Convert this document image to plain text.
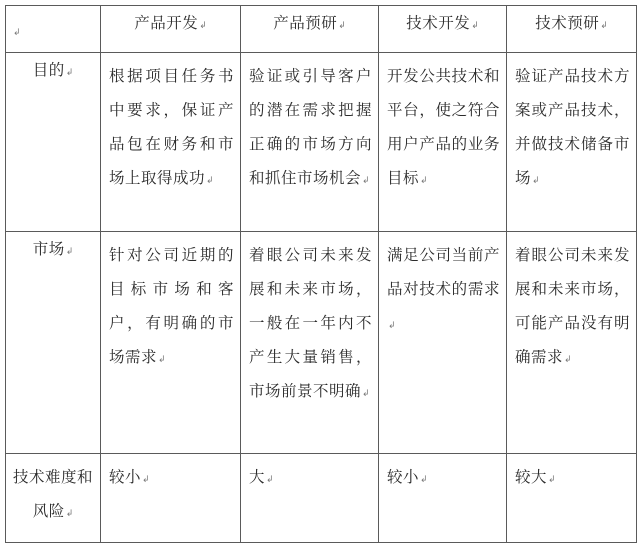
↲	产品开发↲	产品预研↲	技术开发↲	技术预研↲
目的↲	根据项目任务书中要求，保证产品包在财务和市场上取得成功↲	验证或引导客户的潜在需求把握正确的市场方向和抓住市场机会↲	开发公共技术和平台，使之符合用户产品的业务目标↲	验证产品技术方案或产品技术，并做技术储备市场↲

市场↲	针对公司近期的目标市场和客户，有明确的市场需求↲	着眼公司未来发展和未来市场，一般在一年内不产生大量销售，市场前景不明确↲	满足公司当前产品对技术的需求↲	着眼公司未来发展和未来市场，可能产品没有明确需求↲

技术难度和风险↲	较小↲	大↲	较小↲	较大↲
